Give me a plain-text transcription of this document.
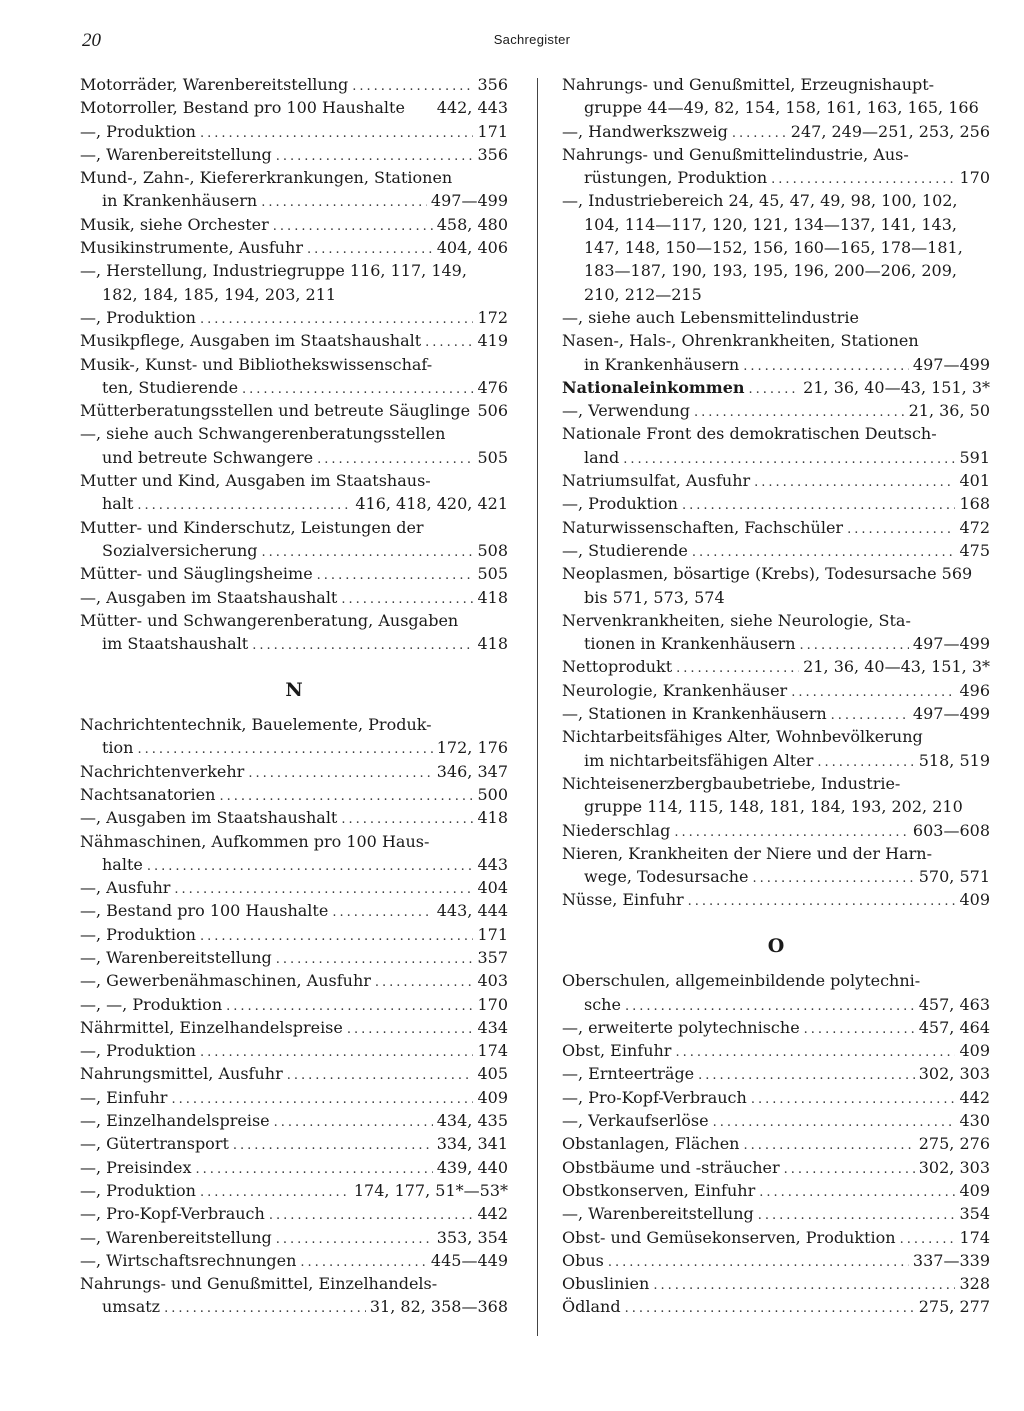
20	Sachregister
Motorräder, Warenbereitstellung .....	356
Motorroller, Bestand pro 100 Haushalte	442, 443
—, Produktion .....	171
—, Warenbereitstellung .....	356
Mund-, Zahn-, Kiefererkrankungen, Stationen
in Krankenhäusern .....	497—499
Musik, siehe Orchester .....	458, 480
Musikinstrumente, Ausfuhr .....	404, 406
—, Herstellung, Industriegruppe 116, 117, 149,
182, 184, 185, 194, 203, 211
—, Produktion .....	172
Musikpflege, Ausgaben im Staatshaushalt .....	419
Musik-, Kunst- und Bibliothekswissenschaf-
ten, Studierende .....	476
Mütterberatungsstellen und betreute Säuglinge 506
—, siehe auch Schwangerenberatungsstellen
und betreute Schwangere .....	505
Mutter und Kind, Ausgaben im Staatshaus-
halt .....	416, 418, 420, 421
Mutter- und Kinderschutz, Leistungen der
Sozialversicherung .....	508
Mütter- und Säuglingsheime .....	505
—, Ausgaben im Staatshaushalt .....	418
Mütter- und Schwangerenberatung, Ausgaben
im Staatshaushalt .....	418
N
Nachrichtentechnik, Bauelemente, Produk-
tion .....	172, 176
Nachrichtenverkehr .....	346, 347
Nachtsanatorien .....	500
—, Ausgaben im Staatshaushalt .....	418
Nähmaschinen, Aufkommen pro 100 Haus-
halte .....	443
—, Ausfuhr .....	404
—, Bestand pro 100 Haushalte .....	443, 444
—, Produktion .....	171
—, Warenbereitstellung .....	357
—, Gewerbenähmaschinen, Ausfuhr .....	403
—, —, Produktion .....	170
Nährmittel, Einzelhandelspreise .....	434
—, Produktion .....	174
Nahrungsmittel, Ausfuhr .....	405
—, Einfuhr .....	409
—, Einzelhandelspreise .....	434, 435
—, Gütertransport .....	334, 341
—, Preisindex .....	439, 440
—, Produktion .....	174, 177, 51*—53*
—, Pro-Kopf-Verbrauch .....	442
—, Warenbereitstellung .....	353, 354
—, Wirtschaftsrechnungen .....	445—449
Nahrungs- und Genußmittel, Einzelhandels-
umsatz .....	31, 82, 358—368
Nahrungs- und Genußmittel, Erzeugnishaupt-
gruppe 44—49, 82, 154, 158, 161, 163, 165, 166
—, Handwerkszweig .....	247, 249—251, 253, 256
Nahrungs- und Genußmittelindustrie, Aus-
rüstungen, Produktion .....	170
—, Industriebereich 24, 45, 47, 49, 98, 100, 102,
104, 114—117, 120, 121, 134—137, 141, 143,
147, 148, 150—152, 156, 160—165, 178—181,
183—187, 190, 193, 195, 196, 200—206, 209,
210, 212—215
—, siehe auch Lebensmittelindustrie
Nasen-, Hals-, Ohrenkrankheiten, Stationen
in Krankenhäusern .....	497—499
Nationaleinkommen .....	21, 36, 40—43, 151, 3*
—, Verwendung .....	21, 36, 50
Nationale Front des demokratischen Deutsch-
land .....	591
Natriumsulfat, Ausfuhr .....	401
—, Produktion .....	168
Naturwissenschaften, Fachschüler .....	472
—, Studierende .....	475
Neoplasmen, bösartige (Krebs), Todesursache 569
bis 571, 573, 574
Nervenkrankheiten, siehe Neurologie, Sta-
tionen in Krankenhäusern .....	497—499
Nettoprodukt .....	21, 36, 40—43, 151, 3*
Neurologie, Krankenhäuser .....	496
—, Stationen in Krankenhäusern .....	497—499
Nichtarbeitsfähiges Alter, Wohnbevölkerung
im nichtarbeitsfähigen Alter .....	518, 519
Nichteisenerzbergbaubetriebe, Industrie-
gruppe 114, 115, 148, 181, 184, 193, 202, 210
Niederschlag .....	603—608
Nieren, Krankheiten der Niere und der Harn-
wege, Todesursache .....	570, 571
Nüsse, Einfuhr .....	409
O
Oberschulen, allgemeinbildende polytechni-
sche .....	457, 463
—, erweiterte polytechnische .....	457, 464
Obst, Einfuhr .....	409
—, Ernteerträge .....	302, 303
—, Pro-Kopf-Verbrauch .....	442
—, Verkaufserlöse .....	430
Obstanlagen, Flächen .....	275, 276
Obstbäume und -sträucher .....	302, 303
Obstkonserven, Einfuhr .....	409
—, Warenbereitstellung .....	354
Obst- und Gemüsekonserven, Produktion .....	174
Obus .....	337—339
Obuslinien .....	328
Ödland .....	275, 277
